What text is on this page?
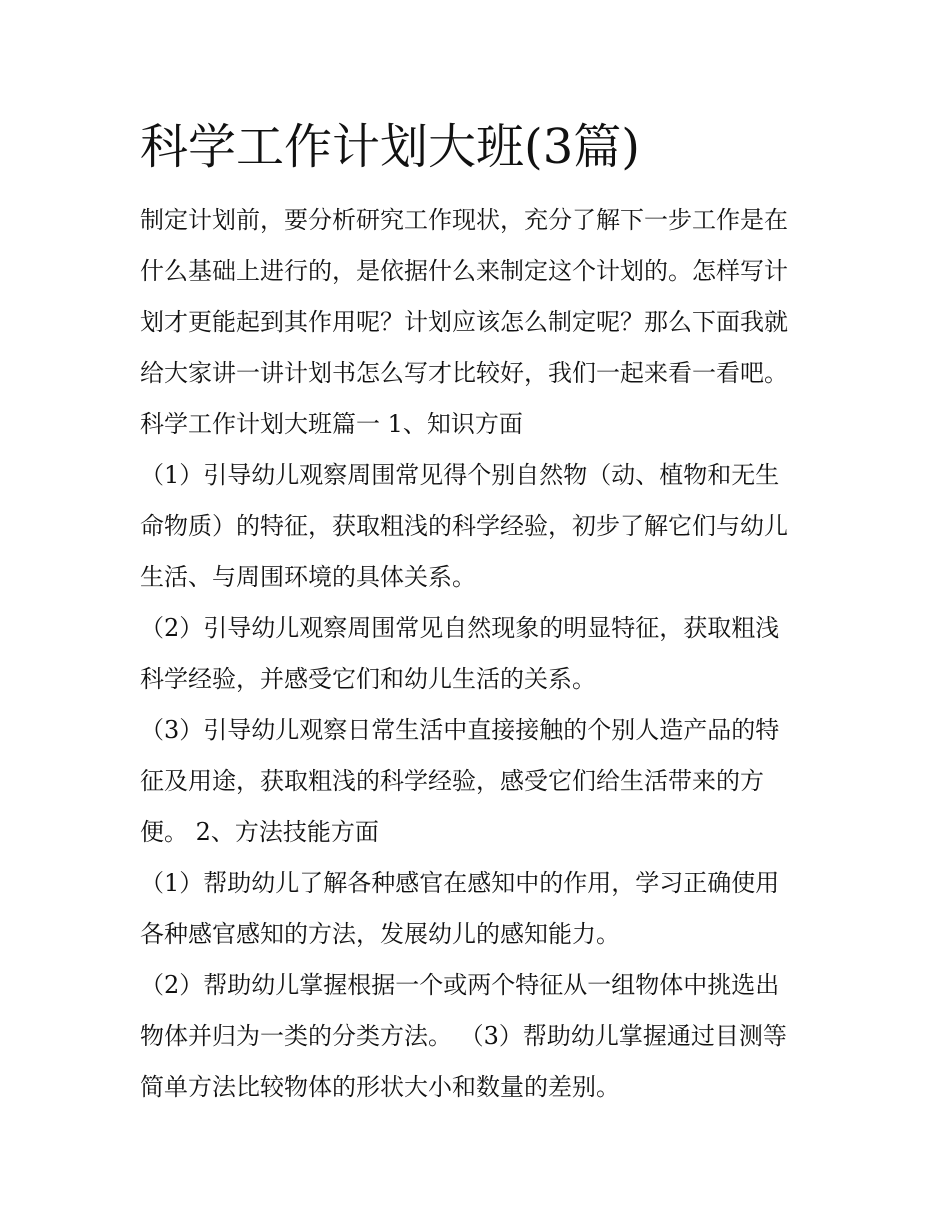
科学工作计划大班(3篇)

制定计划前，要分析研究工作现状，充分了解下一步工作是在

什么基础上进行的，是依据什么来制定这个计划的。怎样写计

划才更能起到其作用呢？计划应该怎么制定呢？那么下面我就

给大家讲一讲计划书怎么写才比较好，我们一起来看一看吧。

科学工作计划大班篇一 1、知识方面

（1）引导幼儿观察周围常见得个别自然物（动、植物和无生

命物质）的特征，获取粗浅的科学经验，初步了解它们与幼儿

生活、与周围环境的具体关系。

（2）引导幼儿观察周围常见自然现象的明显特征，获取粗浅

科学经验，并感受它们和幼儿生活的关系。

（3）引导幼儿观察日常生活中直接接触的个别人造产品的特

征及用途，获取粗浅的科学经验，感受它们给生活带来的方

便。 2、方法技能方面

（1）帮助幼儿了解各种感官在感知中的作用，学习正确使用

各种感官感知的方法，发展幼儿的感知能力。

（2）帮助幼儿掌握根据一个或两个特征从一组物体中挑选出

物体并归为一类的分类方法。 （3）帮助幼儿掌握通过目测等

简单方法比较物体的形状大小和数量的差别。
